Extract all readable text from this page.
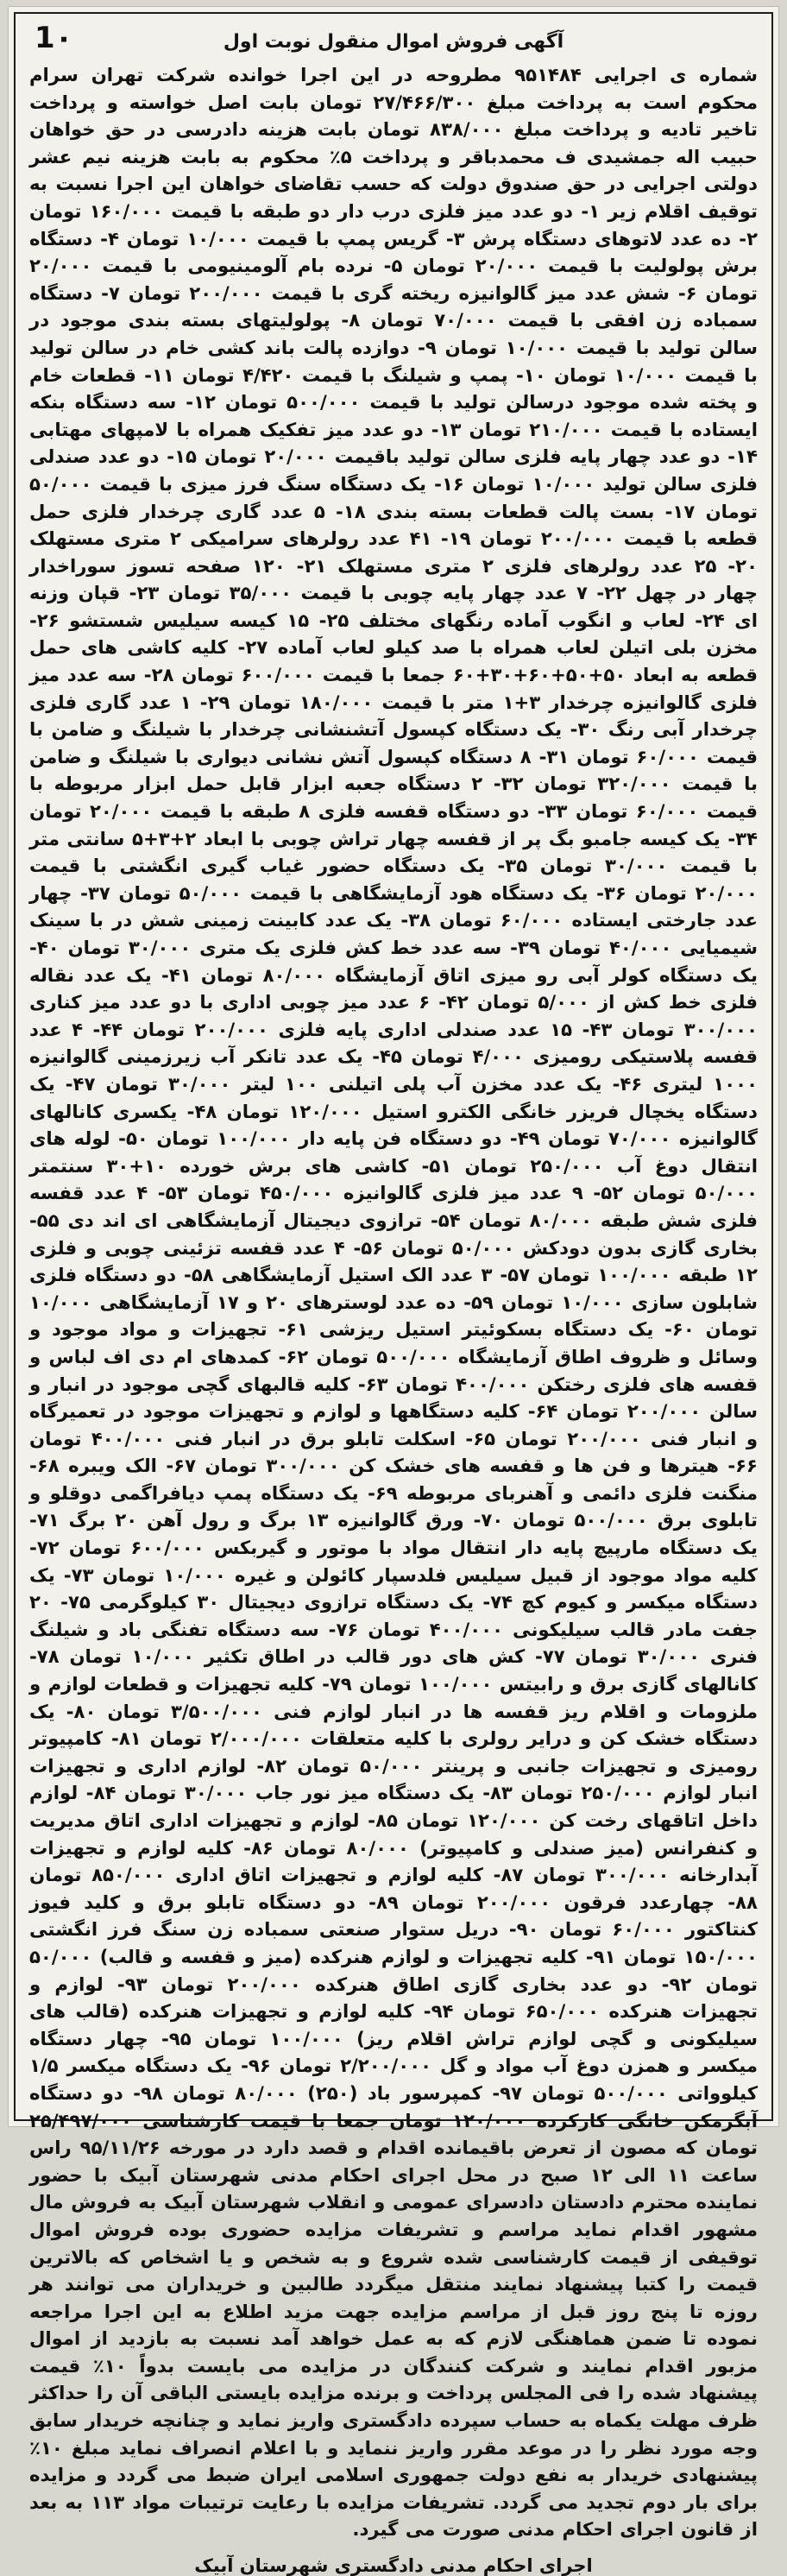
1۰	آگهی فروش اموال منقول نوبت اول
شماره ی اجرایی ۹۵۱۴۸۴ مطروحه در این اجرا خوانده شرکت تهران سرام محکوم است به پرداخت مبلغ ۲۷/۴۶۶/۳۰۰ تومان بابت اصل خواسته و پرداخت تاخیر تادیه و پرداخت مبلغ ۸۳۸/۰۰۰ تومان بابت هزینه دادرسی در حق خواهان حبیب اله جمشیدی ف محمدباقر و پرداخت ۵٪ محکوم به بابت هزینه نیم عشر دولتی اجرایی در حق صندوق دولت که حسب تقاضای خواهان این اجرا نسبت به توقیف اقلام زیر ۱- دو عدد میز فلزی درب دار دو طبقه با قیمت ۱۶۰/۰۰۰ تومان ۲- ده عدد لاتوهای دستگاه پرش ۳- گریس پمپ با قیمت ۱۰/۰۰۰ تومان ۴- دستگاه برش پولولیت با قیمت ۲۰/۰۰۰ تومان ۵- نرده بام آلومینیومی با قیمت ۲۰/۰۰۰ تومان ۶- شش عدد میز گالوانیزه ریخته گری با قیمت ۲۰۰/۰۰۰ تومان ۷- دستگاه سمباده زن افقی با قیمت ۷۰/۰۰۰ تومان ۸- پولولیتهای بسته بندی موجود در سالن تولید با قیمت ۱۰/۰۰۰ تومان ۹- دوازده پالت باند کشی خام در سالن تولید با قیمت ۱۰/۰۰۰ تومان ۱۰- پمپ و شیلنگ با قیمت ۴/۴۲۰ تومان ۱۱- قطعات خام و پخته شده موجود درسالن تولید با قیمت ۵۰۰/۰۰۰ تومان ۱۲- سه دستگاه بنکه ایستاده با قیمت ۲۱۰/۰۰۰ تومان ۱۳- دو عدد میز تفکیک همراه با لامپهای مهتابی ۱۴- دو عدد چهار پایه فلزی سالن تولید باقیمت ۲۰/۰۰۰ تومان ۱۵- دو عدد صندلی فلزی سالن تولید ۱۰/۰۰۰ تومان ۱۶- یک دستگاه سنگ فرز میزی با قیمت ۵۰/۰۰۰ تومان ۱۷- بست پالت قطعات بسته بندی ۱۸- ۵ عدد گاری چرخدار فلزی حمل قطعه با قیمت ۲۰۰/۰۰۰ تومان ۱۹- ۴۱ عدد رولرهای سرامیکی ۲ متری مستهلک ۲۰- ۲۵ عدد رولرهای فلزی ۲ متری مستهلک ۲۱- ۱۲۰ صفحه تسوز سوراخدار چهار در چهل ۲۲- ۷ عدد چهار پایه چوبی با قیمت ۳۵/۰۰۰ تومان ۲۳- قپان وزنه ای ۲۴- لعاب و انگوب آماده رنگهای مختلف ۲۵- ۱۵ کیسه سیلیس شستشو ۲۶- مخزن بلی اتیلن لعاب همراه با صد کیلو لعاب آماده ۲۷- کلیه کاشی های حمل قطعه به ابعاد ۵۰+۵۰+۶۰+۳۰+۶۰ جمعا با قیمت ۶۰۰/۰۰۰ تومان ۲۸- سه عدد میز فلزی گالوانیزه چرخدار ۳+۱ متر با قیمت ۱۸۰/۰۰۰ تومان ۲۹- ۱ عدد گاری فلزی چرخدار آبی رنگ ۳۰- یک دستگاه کپسول آتشنشانی چرخدار با شیلنگ و ضامن با قیمت ۶۰/۰۰۰ تومان ۳۱- ۸ دستگاه کپسول آتش نشانی دیواری با شیلنگ و ضامن با قیمت ۳۲۰/۰۰۰ تومان ۳۲- ۲ دستگاه جعبه ابزار قابل حمل ابزار مربوطه با قیمت ۶۰/۰۰۰ تومان ۳۳- دو دستگاه قفسه فلزی ۸ طبقه با قیمت ۲۰/۰۰۰ تومان ۳۴- یک کیسه جامبو بگ پر از قفسه چهار تراش چوبی با ابعاد ۲+۳+۵ سانتی متر با قیمت ۳۰/۰۰۰ تومان ۳۵- یک دستگاه حضور غیاب گیری انگشتی با قیمت ۲۰/۰۰۰ تومان ۳۶- یک دستگاه هود آزمایشگاهی با قیمت ۵۰/۰۰۰ تومان ۳۷- چهار عدد جارختی ایستاده ۶۰/۰۰۰ تومان ۳۸- یک عدد کابینت زمینی شش در با سینک شیمیایی ۴۰/۰۰۰ تومان ۳۹- سه عدد خط کش فلزی یک متری ۳۰/۰۰۰ تومان ۴۰- یک دستگاه کولر آبی رو میزی اتاق آزمایشگاه ۸۰/۰۰۰ تومان ۴۱- یک عدد نقاله فلزی خط کش از ۵/۰۰۰ تومان ۴۲- ۶ عدد میز چوبی اداری با دو عدد میز کناری ۳۰۰/۰۰۰ تومان ۴۳- ۱۵ عدد صندلی اداری پایه فلزی ۲۰۰/۰۰۰ تومان ۴۴- ۴ عدد قفسه پلاستیکی رومیزی ۴/۰۰۰ تومان ۴۵- یک عدد تانکر آب زیرزمینی گالوانیزه ۱۰۰۰ لیتری ۴۶- یک عدد مخزن آب پلی اتیلنی ۱۰۰ لیتر ۳۰/۰۰۰ تومان ۴۷- یک دستگاه یخچال فریزر خانگی الکترو استیل ۱۲۰/۰۰۰ تومان ۴۸- یکسری کانالهای گالوانیزه ۷۰/۰۰۰ تومان ۴۹- دو دستگاه فن پایه دار ۱۰۰/۰۰۰ تومان ۵۰- لوله های انتقال دوغ آب ۲۵۰/۰۰۰ تومان ۵۱- کاشی های برش خورده ۱۰+۳۰ سنتمتر ۵۰/۰۰۰ تومان ۵۲- ۹ عدد میز فلزی گالوانیزه ۴۵۰/۰۰۰ تومان ۵۳- ۴ عدد قفسه فلزی شش طبقه ۸۰/۰۰۰ تومان ۵۴- ترازوی دیجیتال آزمایشگاهی ای اند دی ۵۵- بخاری گازی بدون دودکش ۵۰/۰۰۰ تومان ۵۶- ۴ عدد قفسه تزئینی چوبی و فلزی ۱۲ طبقه ۱۰۰/۰۰۰ تومان ۵۷- ۳ عدد الک استیل آزمایشگاهی ۵۸- دو دستگاه فلزی شابلون سازی ۱۰/۰۰۰ تومان ۵۹- ده عدد لوسترهای ۲۰ و ۱۷ آزمایشگاهی ۱۰/۰۰۰ تومان ۶۰- یک دستگاه بسکوئیتر استیل ریزشی ۶۱- تجهیزات و مواد موجود و وسائل و ظروف اطاق آزمایشگاه ۵۰۰/۰۰۰ تومان ۶۲- کمدهای ام دی اف لباس و قفسه های فلزی رختکن ۴۰۰/۰۰۰ تومان ۶۳- کلیه قالبهای گچی موجود در انبار و سالن ۲۰۰/۰۰۰ تومان ۶۴- کلیه دستگاهها و لوازم و تجهیزات موجود در تعمیرگاه و انبار فنی ۲۰۰/۰۰۰ تومان ۶۵- اسکلت تابلو برق در انبار فنی ۴۰۰/۰۰۰ تومان ۶۶- هیترها و فن ها و قفسه های خشک کن ۳۰۰/۰۰۰ تومان ۶۷- الک ویبره ۶۸- منگنت فلزی دائمی و آهنربای مربوطه ۶۹- یک دستگاه پمپ دیافراگمی دوقلو و تابلوی برق ۵۰۰/۰۰۰ تومان ۷۰- ورق گالوانیزه ۱۳ برگ و رول آهن ۲۰ برگ ۷۱- یک دستگاه مارپیچ پایه دار انتقال مواد با موتور و گیربکس ۶۰۰/۰۰۰ تومان ۷۲- کلیه مواد موجود از قبیل سیلیس فلدسپار کائولن و غیره ۱۰/۰۰۰ تومان ۷۳- یک دستگاه میکسر و کیوم کچ ۷۴- یک دستگاه ترازوی دیجیتال ۳۰ کیلوگرمی ۷۵- ۲۰ جفت مادر قالب سیلیکونی ۴۰۰/۰۰۰ تومان ۷۶- سه دستگاه تفنگی باد و شیلنگ فنری ۳۰/۰۰۰ تومان ۷۷- کش های دور قالب در اطاق تکثیر ۱۰/۰۰۰ تومان ۷۸- کانالهای گازی برق و رابیتس ۱۰۰/۰۰۰ تومان ۷۹- کلیه تجهیزات و قطعات لوازم و ملزومات و اقلام ریز قفسه ها در انبار لوازم فنی ۳/۵۰۰/۰۰۰ تومان ۸۰- یک دستگاه خشک کن و درایر رولری با کلیه متعلقات ۲/۰۰۰/۰۰۰ تومان ۸۱- کامپیوتر رومیزی و تجهیزات جانبی و پرینتر ۵۰/۰۰۰ تومان ۸۲- لوازم اداری و تجهیزات انبار لوازم ۲۵۰/۰۰۰ تومان ۸۳- یک دستگاه میز نور جاب ۳۰/۰۰۰ تومان ۸۴- لوازم داخل اتاقهای رخت کن ۱۲۰/۰۰۰ تومان ۸۵- لوازم و تجهیزات اداری اتاق مدیریت و کنفرانس (میز صندلی و کامپیوتر) ۸۰/۰۰۰ تومان ۸۶- کلیه لوازم و تجهیزات آبدارخانه ۳۰۰/۰۰۰ تومان ۸۷- کلیه لوازم و تجهیزات اتاق اداری ۸۵۰/۰۰۰ تومان ۸۸- چهارعدد فرقون ۲۰۰/۰۰۰ تومان ۸۹- دو دستگاه تابلو برق و کلید فیوز کنتاکتور ۶۰/۰۰۰ تومان ۹۰- دریل ستوار صنعتی سمباده زن سنگ فرز انگشتی ۱۵۰/۰۰۰ تومان ۹۱- کلیه تجهیزات و لوازم هنرکده (میز و قفسه و قالب) ۵۰/۰۰۰ تومان ۹۲- دو عدد بخاری گازی اطاق هنرکده ۲۰۰/۰۰۰ تومان ۹۳- لوازم و تجهیزات هنرکده ۶۵۰/۰۰۰ تومان ۹۴- کلیه لوازم و تجهیزات هنرکده (قالب های سیلیکونی و گچی لوازم تراش اقلام ریز) ۱۰۰/۰۰۰ تومان ۹۵- چهار دستگاه میکسر و همزن دوغ آب مواد و گل ۲/۲۰۰/۰۰۰ تومان ۹۶- یک دستگاه میکسر ۱/۵ کیلوواتی ۵۰۰/۰۰۰ تومان ۹۷- کمپرسور باد (۲۵۰) ۸۰/۰۰۰ تومان ۹۸- دو دستگاه آبگرمکن خانگی کارکرده ۱۲۰/۰۰۰ تومان جمعا با قیمت کارشناسی ۲۵/۴۹۷/۰۰۰ تومان که مصون از تعرض باقیمانده اقدام و قصد دارد در مورخه ۹۵/۱۱/۲۶ راس ساعت ۱۱ الی ۱۲ صبح در محل اجرای احکام مدنی شهرستان آبیک با حضور نماینده محترم دادستان دادسرای عمومی و انقلاب شهرستان آبیک به فروش مال مشهور اقدام نماید مراسم و تشریفات مزایده حضوری بوده فروش اموال توقیفی از قیمت کارشناسی شده شروع و به شخص و یا اشخاص که بالاترین قیمت را کتبا پیشنهاد نمایند منتقل میگردد طالبین و خریداران می توانند هر روزه تا پنج روز قبل از مراسم مزایده جهت مزید اطلاع به این اجرا مراجعه نموده تا ضمن هماهنگی لازم که به عمل خواهد آمد نسبت به بازدید از اموال مزبور اقدام نمایند و شرکت کنندگان در مزایده می بایست بدواً ۱۰٪ قیمت پیشنهاد شده را فی المجلس پرداخت و برنده مزایده بایستی الباقی آن را حداکثر ظرف مهلت یکماه به حساب سپرده دادگستری واریز نماید و چنانچه خریدار سابق وجه مورد نظر را در موعد مقرر واریز ننماید و با اعلام انصراف نماید مبلغ ۱۰٪ پیشنهادی خریدار به نفع دولت جمهوری اسلامی ایران ضبط می گردد و مزایده برای بار دوم تجدید می گردد. تشریفات مزایده با رعایت ترتیبات مواد ۱۱۳ به بعد از قانون اجرای احکام مدنی صورت می گیرد.
اجرای احکام مدنی دادگستری شهرستان آبیک
